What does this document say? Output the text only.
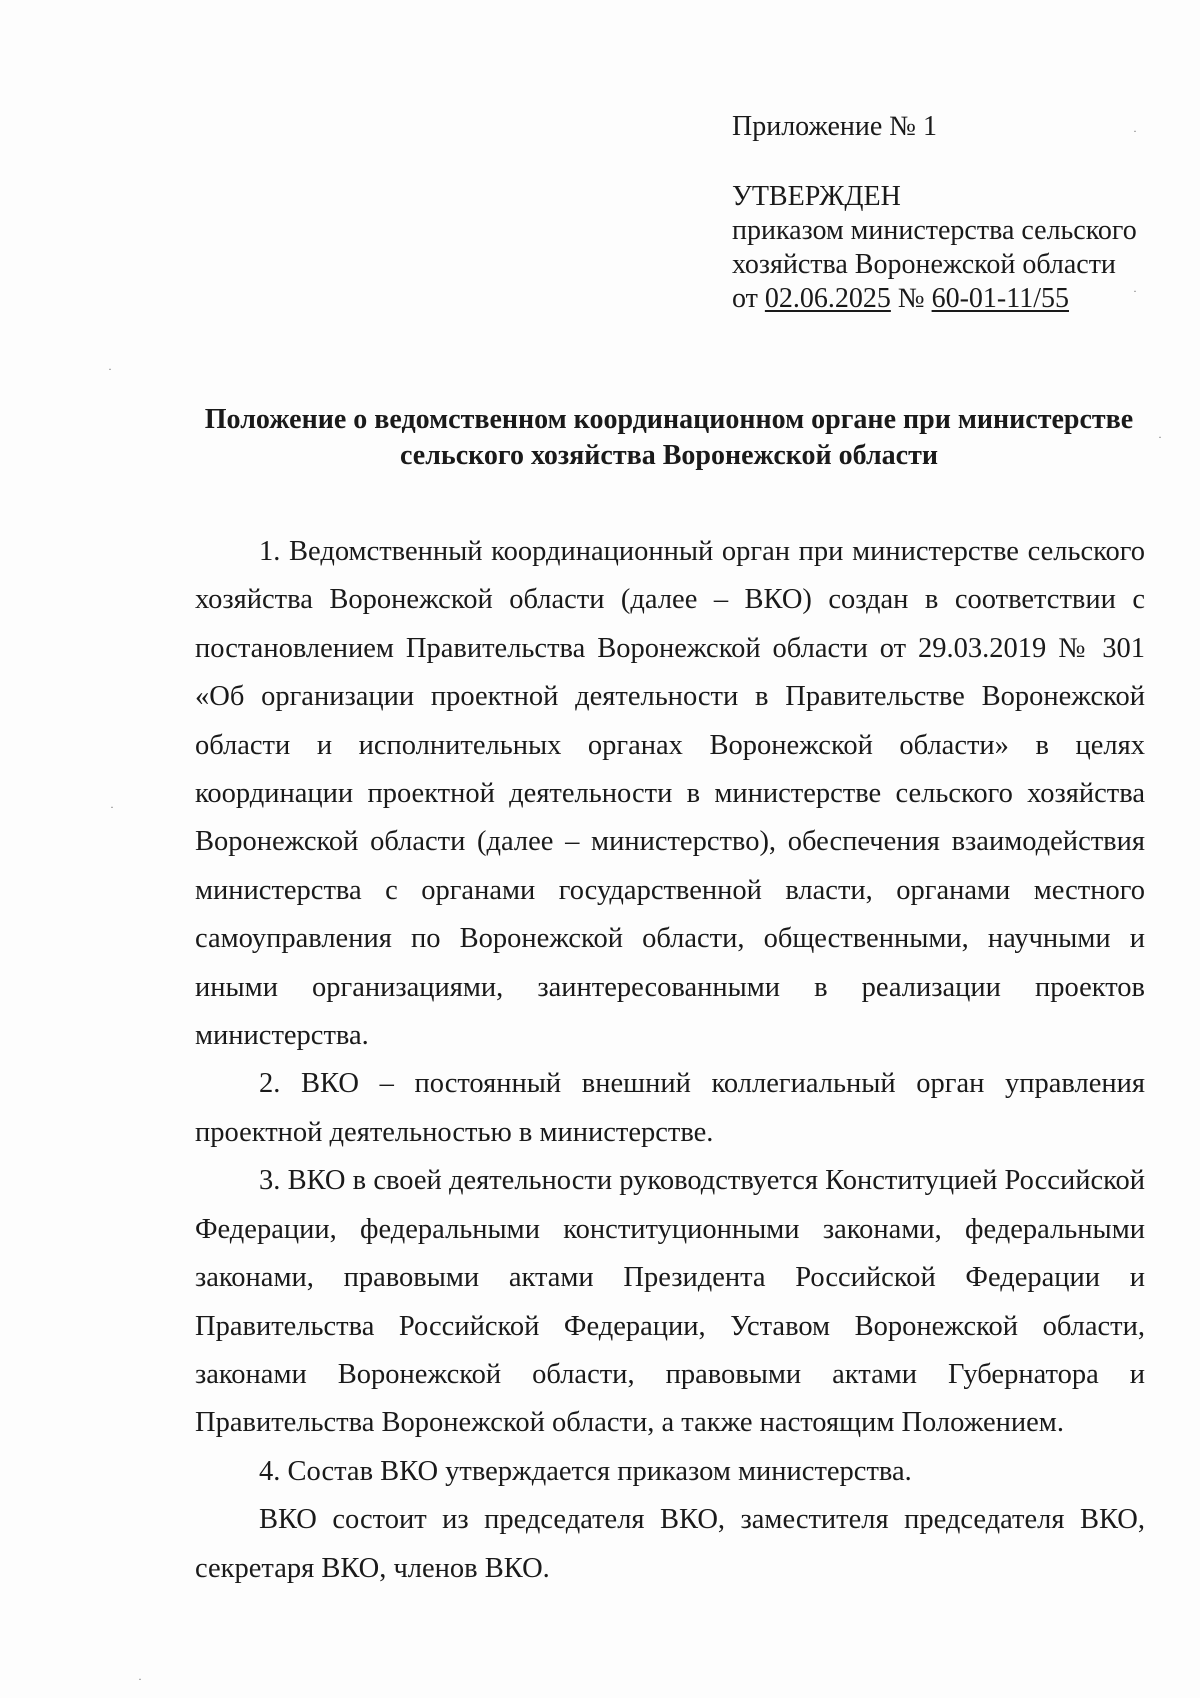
Приложение № 1
УТВЕРЖДЕН
приказом министерства сельского
хозяйства Воронежской области
от 02.06.2025 № 60-01-11/55
Положение о ведомственном координационном органе при министерстве
сельского хозяйства Воронежской области

1. Ведомственный координационный орган при министерстве сельского хозяйства Воронежской области (далее – ВКО) создан в соответствии с постановлением Правительства Воронежской области от 29.03.2019 № 301 «Об организации проектной деятельности в Правительстве Воронежской области и исполнительных органах Воронежской области» в целях координации проектной деятельности в министерстве сельского хозяйства Воронежской области (далее – министерство), обеспечения взаимодействия министерства с органами государственной власти, органами местного самоуправления по Воронежской области, общественными, научными и иными организациями, заинтересованными в реализации проектов министерства.

2. ВКО – постоянный внешний коллегиальный орган управления проектной деятельностью в министерстве.

3. ВКО в своей деятельности руководствуется Конституцией Российской Федерации, федеральными конституционными законами, федеральными законами, правовыми актами Президента Российской Федерации и Правительства Российской Федерации, Уставом Воронежской области, законами Воронежской области, правовыми актами Губернатора и Правительства Воронежской области, а также настоящим Положением.

4. Состав ВКО утверждается приказом министерства.

ВКО состоит из председателя ВКО, заместителя председателя ВКО, секретаря ВКО, членов ВКО.

·
·
·
·
·
·
